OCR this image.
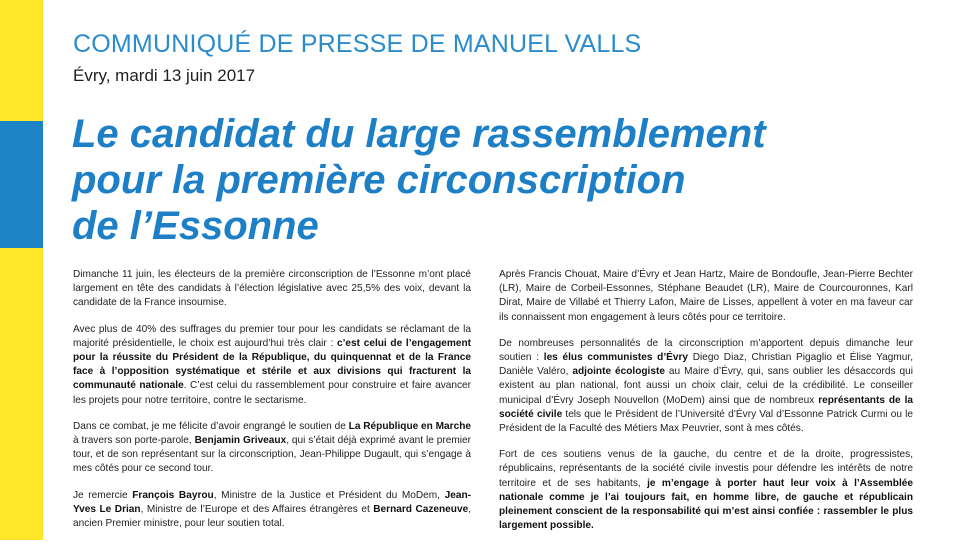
COMMUNIQUÉ DE PRESSE DE MANUEL VALLS
Évry, mardi 13 juin 2017
Le candidat du large rassemblement
pour la première circonscription
de l’Essonne

Dimanche 11 juin, les électeurs de la première circonscription de l’Essonne m’ont placé largement en tête des candidats à l’élection législative avec 25,5% des voix, devant la candidate de la France insoumise.

Avec plus de 40% des suffrages du premier tour pour les candidats se réclamant de la majorité présidentielle, le choix est aujourd’hui très clair : c’est celui de l’engagement pour la réussite du Président de la République, du quinquennat et de la France face à l’opposition systématique et stérile et aux divisions qui fracturent la communauté nationale. C’est celui du rassemblement pour construire et faire avancer les projets pour notre territoire, contre le sectarisme.

Dans ce combat, je me félicite d’avoir engrangé le soutien de La République en Marche à travers son porte-parole, Benjamin Griveaux, qui s’était déjà exprimé avant le premier tour, et de son représentant sur la circonscription, Jean-Philippe Dugault, qui s’engage à mes côtés pour ce second tour.

Je remercie François Bayrou, Ministre de la Justice et Président du MoDem, Jean-Yves Le Drian, Ministre de l’Europe et des Affaires étrangères et Bernard Cazeneuve, ancien Premier ministre, pour leur soutien total.

Après Francis Chouat, Maire d’Évry et Jean Hartz, Maire de Bondoufle, Jean-Pierre Bechter (LR), Maire de Corbeil-Essonnes, Stéphane Beaudet (LR), Maire de Courcouronnes, Karl Dirat, Maire de Villabé et Thierry Lafon, Maire de Lisses, appellent à voter en ma faveur car ils connaissent mon engagement à leurs côtés pour ce territoire.

De nombreuses personnalités de la circonscription m’apportent depuis dimanche leur soutien : les élus communistes d’Évry Diego Diaz, Christian Pigaglio et Élise Yagmur, Danièle Valéro, adjointe écologiste au Maire d’Évry, qui, sans oublier les désaccords qui existent au plan national, font aussi un choix clair, celui de la crédibilité. Le conseiller municipal d’Évry Joseph Nouvellon (MoDem) ainsi que de nombreux représentants de la société civile tels que le Président de l’Université d’Évry Val d’Essonne Patrick Curmi ou le Président de la Faculté des Métiers Max Peuvrier, sont à mes côtés.

Fort de ces soutiens venus de la gauche, du centre et de la droite, progressistes, républicains, représentants de la société civile investis pour défendre les intérêts de notre territoire et de ses habitants, je m’engage à porter haut leur voix à l’Assemblée nationale comme je l’ai toujours fait, en homme libre, de gauche et républicain pleinement conscient de la responsabilité qui m’est ainsi confiée : rassembler le plus largement possible.
